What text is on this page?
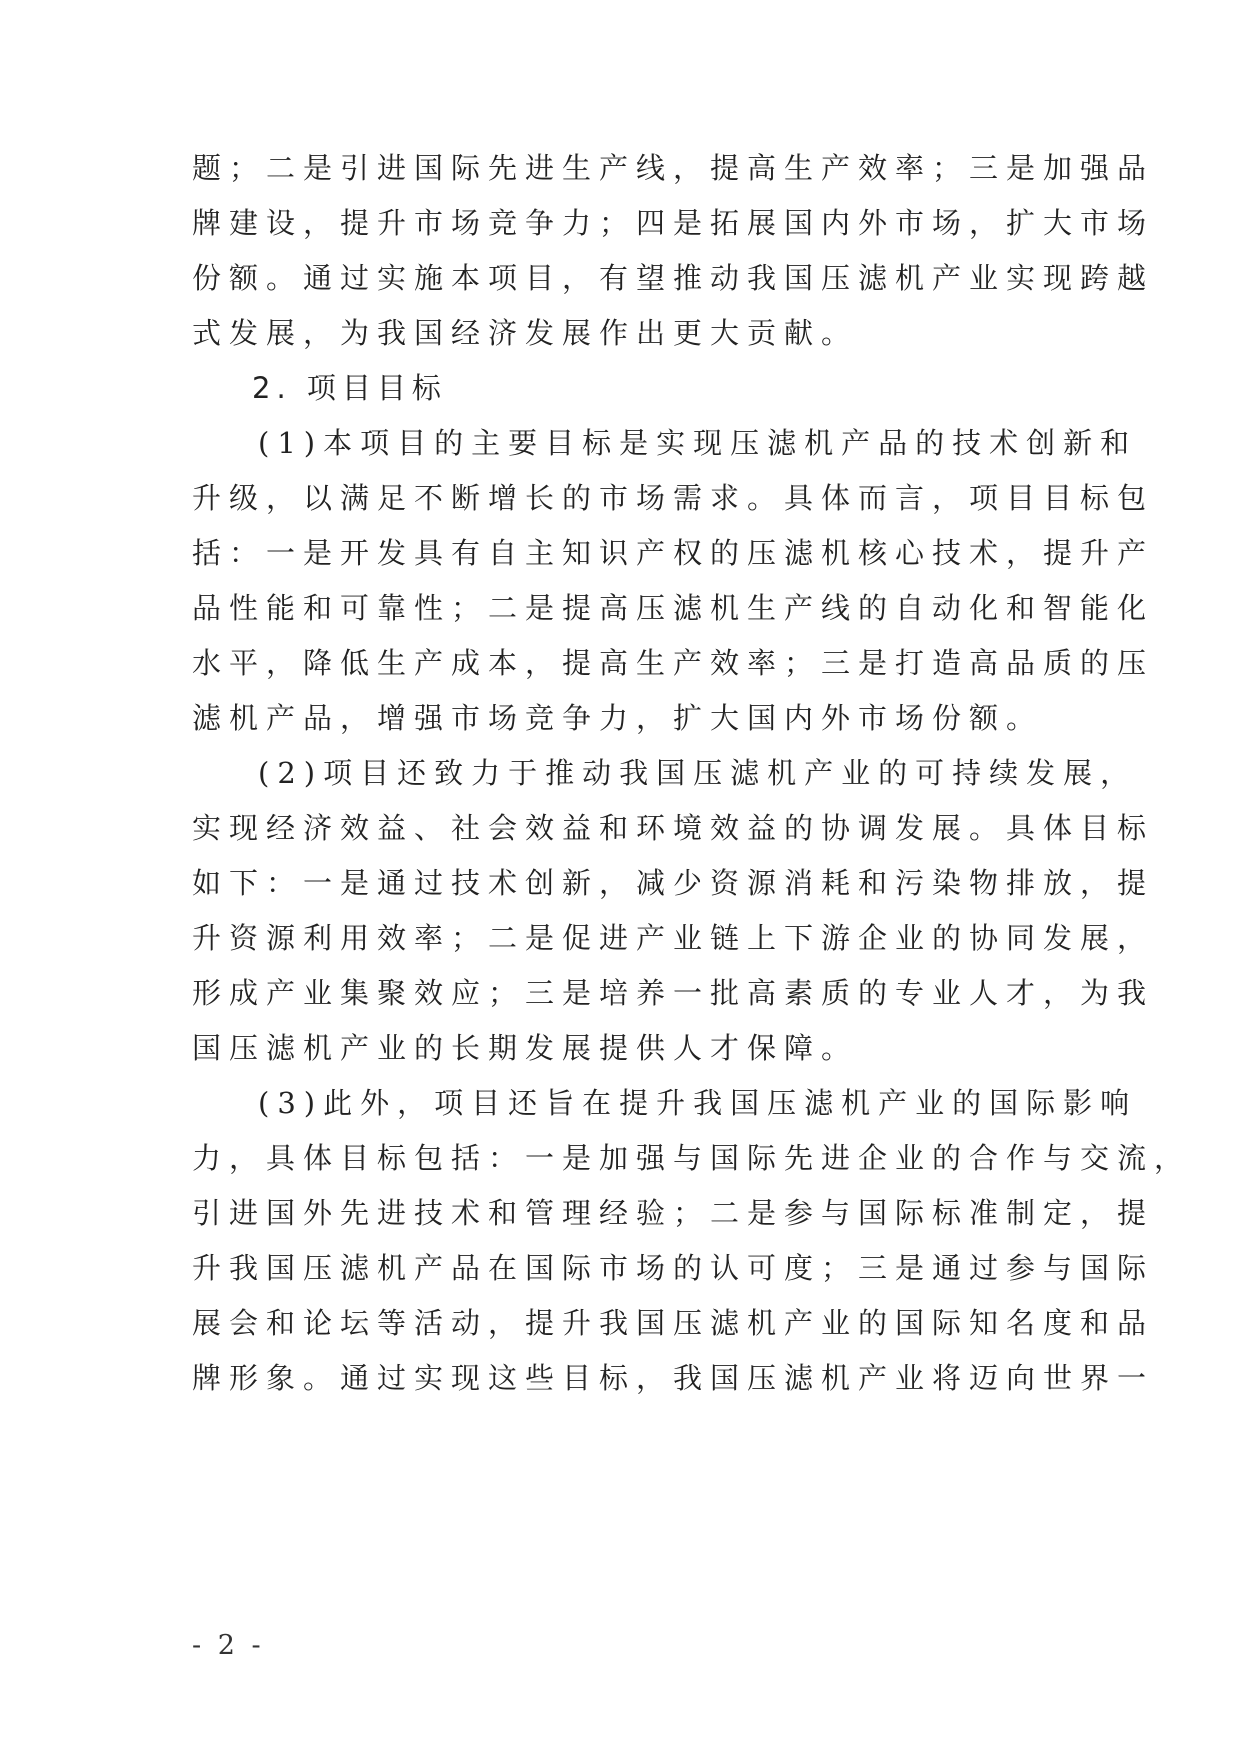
题；二是引进国际先进生产线，提高生产效率；三是加强品
牌建设，提升市场竞争力；四是拓展国内外市场，扩大市场
份额。通过实施本项目，有望推动我国压滤机产业实现跨越
式发展，为我国经济发展作出更大贡献。
2. 项目目标
(1)本项目的主要目标是实现压滤机产品的技术创新和
升级，以满足不断增长的市场需求。具体而言，项目目标包
括：一是开发具有自主知识产权的压滤机核心技术，提升产
品性能和可靠性；二是提高压滤机生产线的自动化和智能化
水平，降低生产成本，提高生产效率；三是打造高品质的压
滤机产品，增强市场竞争力，扩大国内外市场份额。
(2)项目还致力于推动我国压滤机产业的可持续发展，
实现经济效益、社会效益和环境效益的协调发展。具体目标
如下：一是通过技术创新，减少资源消耗和污染物排放，提
升资源利用效率；二是促进产业链上下游企业的协同发展，
形成产业集聚效应；三是培养一批高素质的专业人才，为我
国压滤机产业的长期发展提供人才保障。
(3)此外，项目还旨在提升我国压滤机产业的国际影响
力，具体目标包括：一是加强与国际先进企业的合作与交流，
引进国外先进技术和管理经验；二是参与国际标准制定，提
升我国压滤机产品在国际市场的认可度；三是通过参与国际
展会和论坛等活动，提升我国压滤机产业的国际知名度和品
牌形象。通过实现这些目标，我国压滤机产业将迈向世界一
- 2 -
